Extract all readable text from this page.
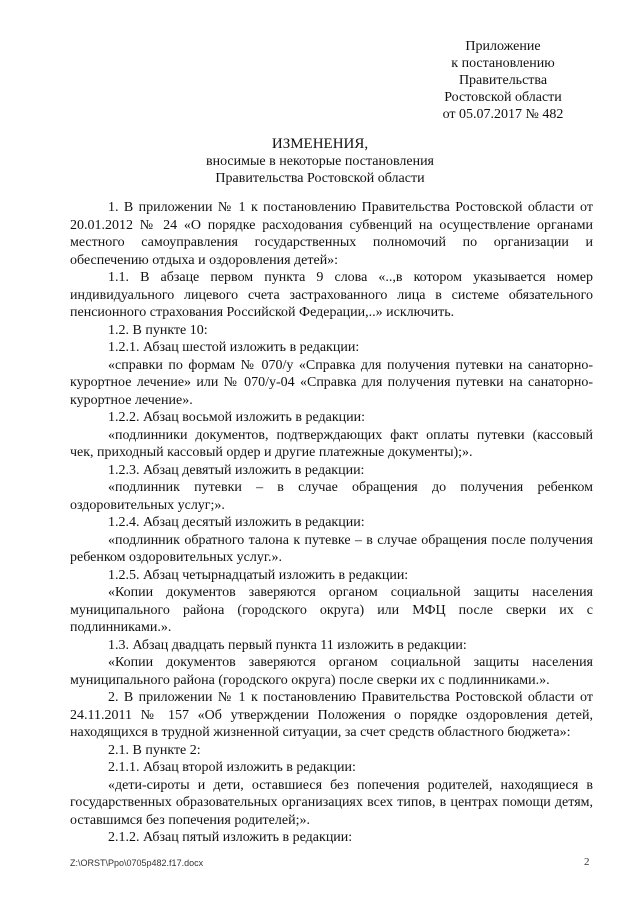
Приложение
к постановлению
Правительства
Ростовской области
от 05.07.2017 № 482
ИЗМЕНЕНИЯ,
вносимые в некоторые постановления
Правительства Ростовской области

1. В приложении № 1 к постановлению Правительства Ростовской области от 20.01.2012 № 24 «О порядке расходования субвенций на осуществление органами местного самоуправления государственных полномочий по организации и обеспечению отдыха и оздоровления детей»:

1.1. В абзаце первом пункта 9 слова «..,в котором указывается номер индивидуального лицевого счета застрахованного лица в системе обязательного пенсионного страхования Российской Федерации,..» исключить.

1.2. В пункте 10:

1.2.1. Абзац шестой изложить в редакции:

«справки по формам № 070/у «Справка для получения путевки на санаторно-курортное лечение» или № 070/у-04 «Справка для получения путевки на санаторно-курортное лечение».

1.2.2. Абзац восьмой изложить в редакции:

«подлинники документов, подтверждающих факт оплаты путевки (кассовый чек, приходный кассовый ордер и другие платежные документы);».

1.2.3. Абзац девятый изложить в редакции:

«подлинник путевки – в случае обращения до получения ребенком оздоровительных услуг;».

1.2.4. Абзац десятый изложить в редакции:

«подлинник обратного талона к путевке – в случае обращения после получения ребенком оздоровительных услуг.».

1.2.5. Абзац четырнадцатый изложить в редакции:

«Копии документов заверяются органом социальной защиты населения муниципального района (городского округа) или МФЦ после сверки их с подлинниками.».

1.3. Абзац двадцать первый пункта 11 изложить в редакции:

«Копии документов заверяются органом социальной защиты населения муниципального района (городского округа) после сверки их с подлинниками.».

2. В приложении № 1 к постановлению Правительства Ростовской области от 24.11.2011 № 157 «Об утверждении Положения о порядке оздоровления детей, находящихся в трудной жизненной ситуации, за счет средств областного бюджета»:

2.1. В пункте 2:

2.1.1. Абзац второй изложить в редакции:

«дети-сироты и дети, оставшиеся без попечения родителей, находящиеся в государственных образовательных организациях всех типов, в центрах помощи детям, оставшимся без попечения родителей;».

2.1.2. Абзац пятый изложить в редакции:

Z:\ORST\Ppo\0705p482.f17.docx	2
